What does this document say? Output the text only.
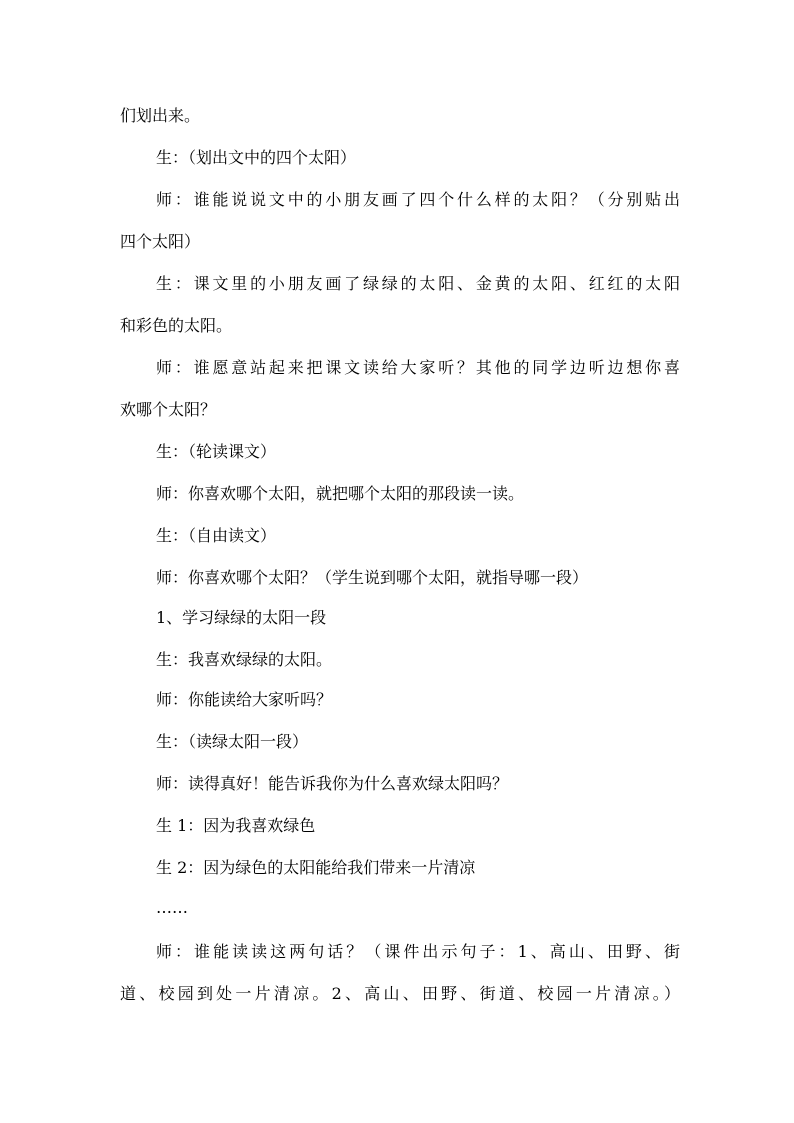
们划出来。
生：（划出文中的四个太阳）
师：谁能说说文中的小朋友画了四个什么样的太阳？（分别贴出
四个太阳）
生：课文里的小朋友画了绿绿的太阳、金黄的太阳、红红的太阳
和彩色的太阳。
师：谁愿意站起来把课文读给大家听？其他的同学边听边想你喜
欢哪个太阳？
生：（轮读课文）
师：你喜欢哪个太阳，就把哪个太阳的那段读一读。
生：（自由读文）
师：你喜欢哪个太阳？（学生说到哪个太阳，就指导哪一段）
1、学习绿绿的太阳一段
生：我喜欢绿绿的太阳。
师：你能读给大家听吗？
生：（读绿太阳一段）
师：读得真好！能告诉我你为什么喜欢绿太阳吗？
生 1：因为我喜欢绿色
生 2：因为绿色的太阳能给我们带来一片清凉
……
师：谁能读读这两句话？（课件出示句子：1、高山、田野、街
道、校园到处一片清凉。2、高山、田野、街道、校园一片清凉。）
